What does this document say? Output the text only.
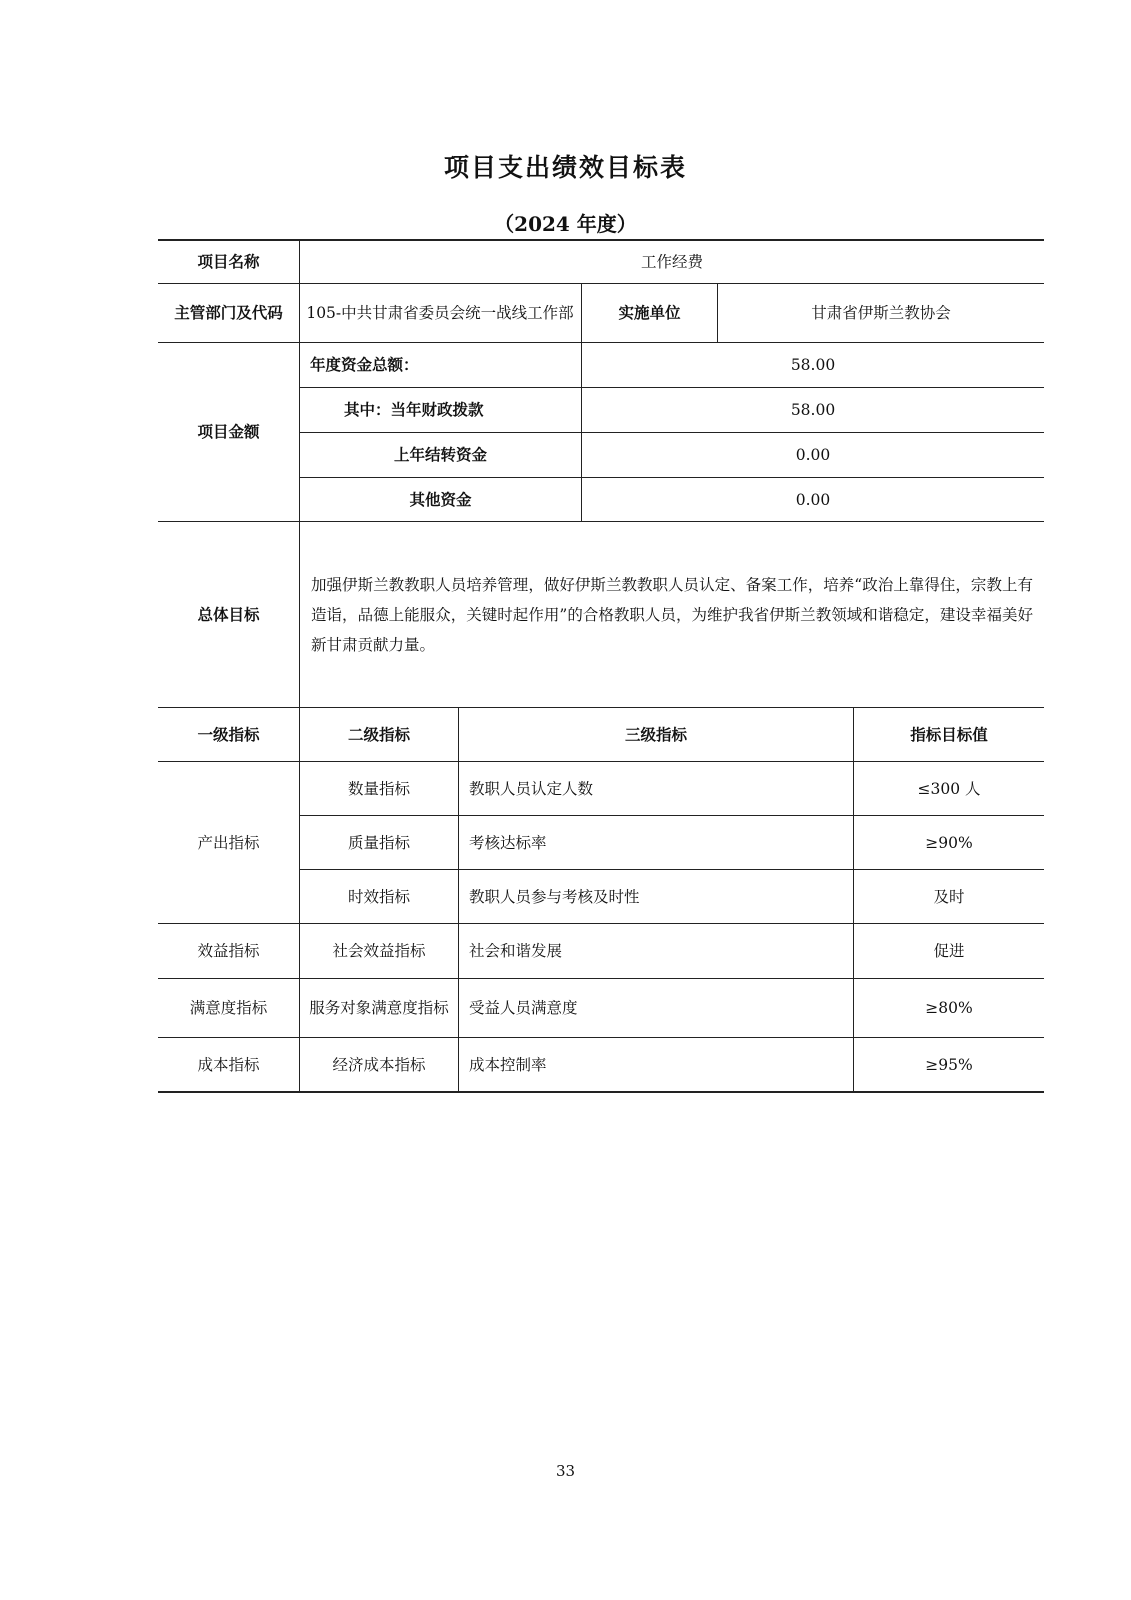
项目支出绩效目标表
（2024 年度）
项目名称	工作经费
主管部门及代码	105-中共甘肃省委员会统一战线工作部	实施单位	甘肃省伊斯兰教协会
项目金额
年度资金总额：	58.00
其中：当年财政拨款	58.00
上年结转资金	0.00
其他资金	0.00
总体目标
加强伊斯兰教教职人员培养管理，做好伊斯兰教教职人员认定、备案工作，培养“政治上靠得住，宗教上有造诣，品德上能服众，关键时起作用”的合格教职人员，为维护我省伊斯兰教领域和谐稳定，建设幸福美好新甘肃贡献力量。
一级指标	二级指标	三级指标	指标目标值
产出指标
数量指标	教职人员认定人数	≤300 人
质量指标	考核达标率	≥90%
时效指标	教职人员参与考核及时性	及时
效益指标	社会效益指标	社会和谐发展	促进
满意度指标	服务对象满意度指标	受益人员满意度	≥80%
成本指标	经济成本指标	成本控制率	≥95%
33
